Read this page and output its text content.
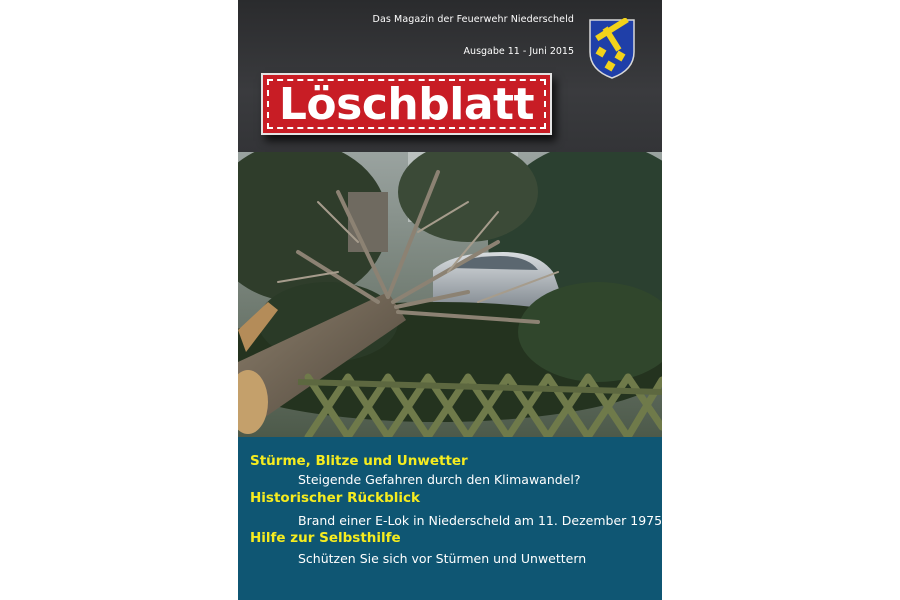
Das Magazin der Feuerwehr Niederscheld
Ausgabe 11 - Juni 2015
Löschblatt
Stürme, Blitze und Unwetter
Steigende Gefahren durch den Klimawandel?
Historischer Rückblick
Brand einer E-Lok in Niederscheld am 11. Dezember 1975
Hilfe zur Selbsthilfe
Schützen Sie sich vor Stürmen und Unwettern
